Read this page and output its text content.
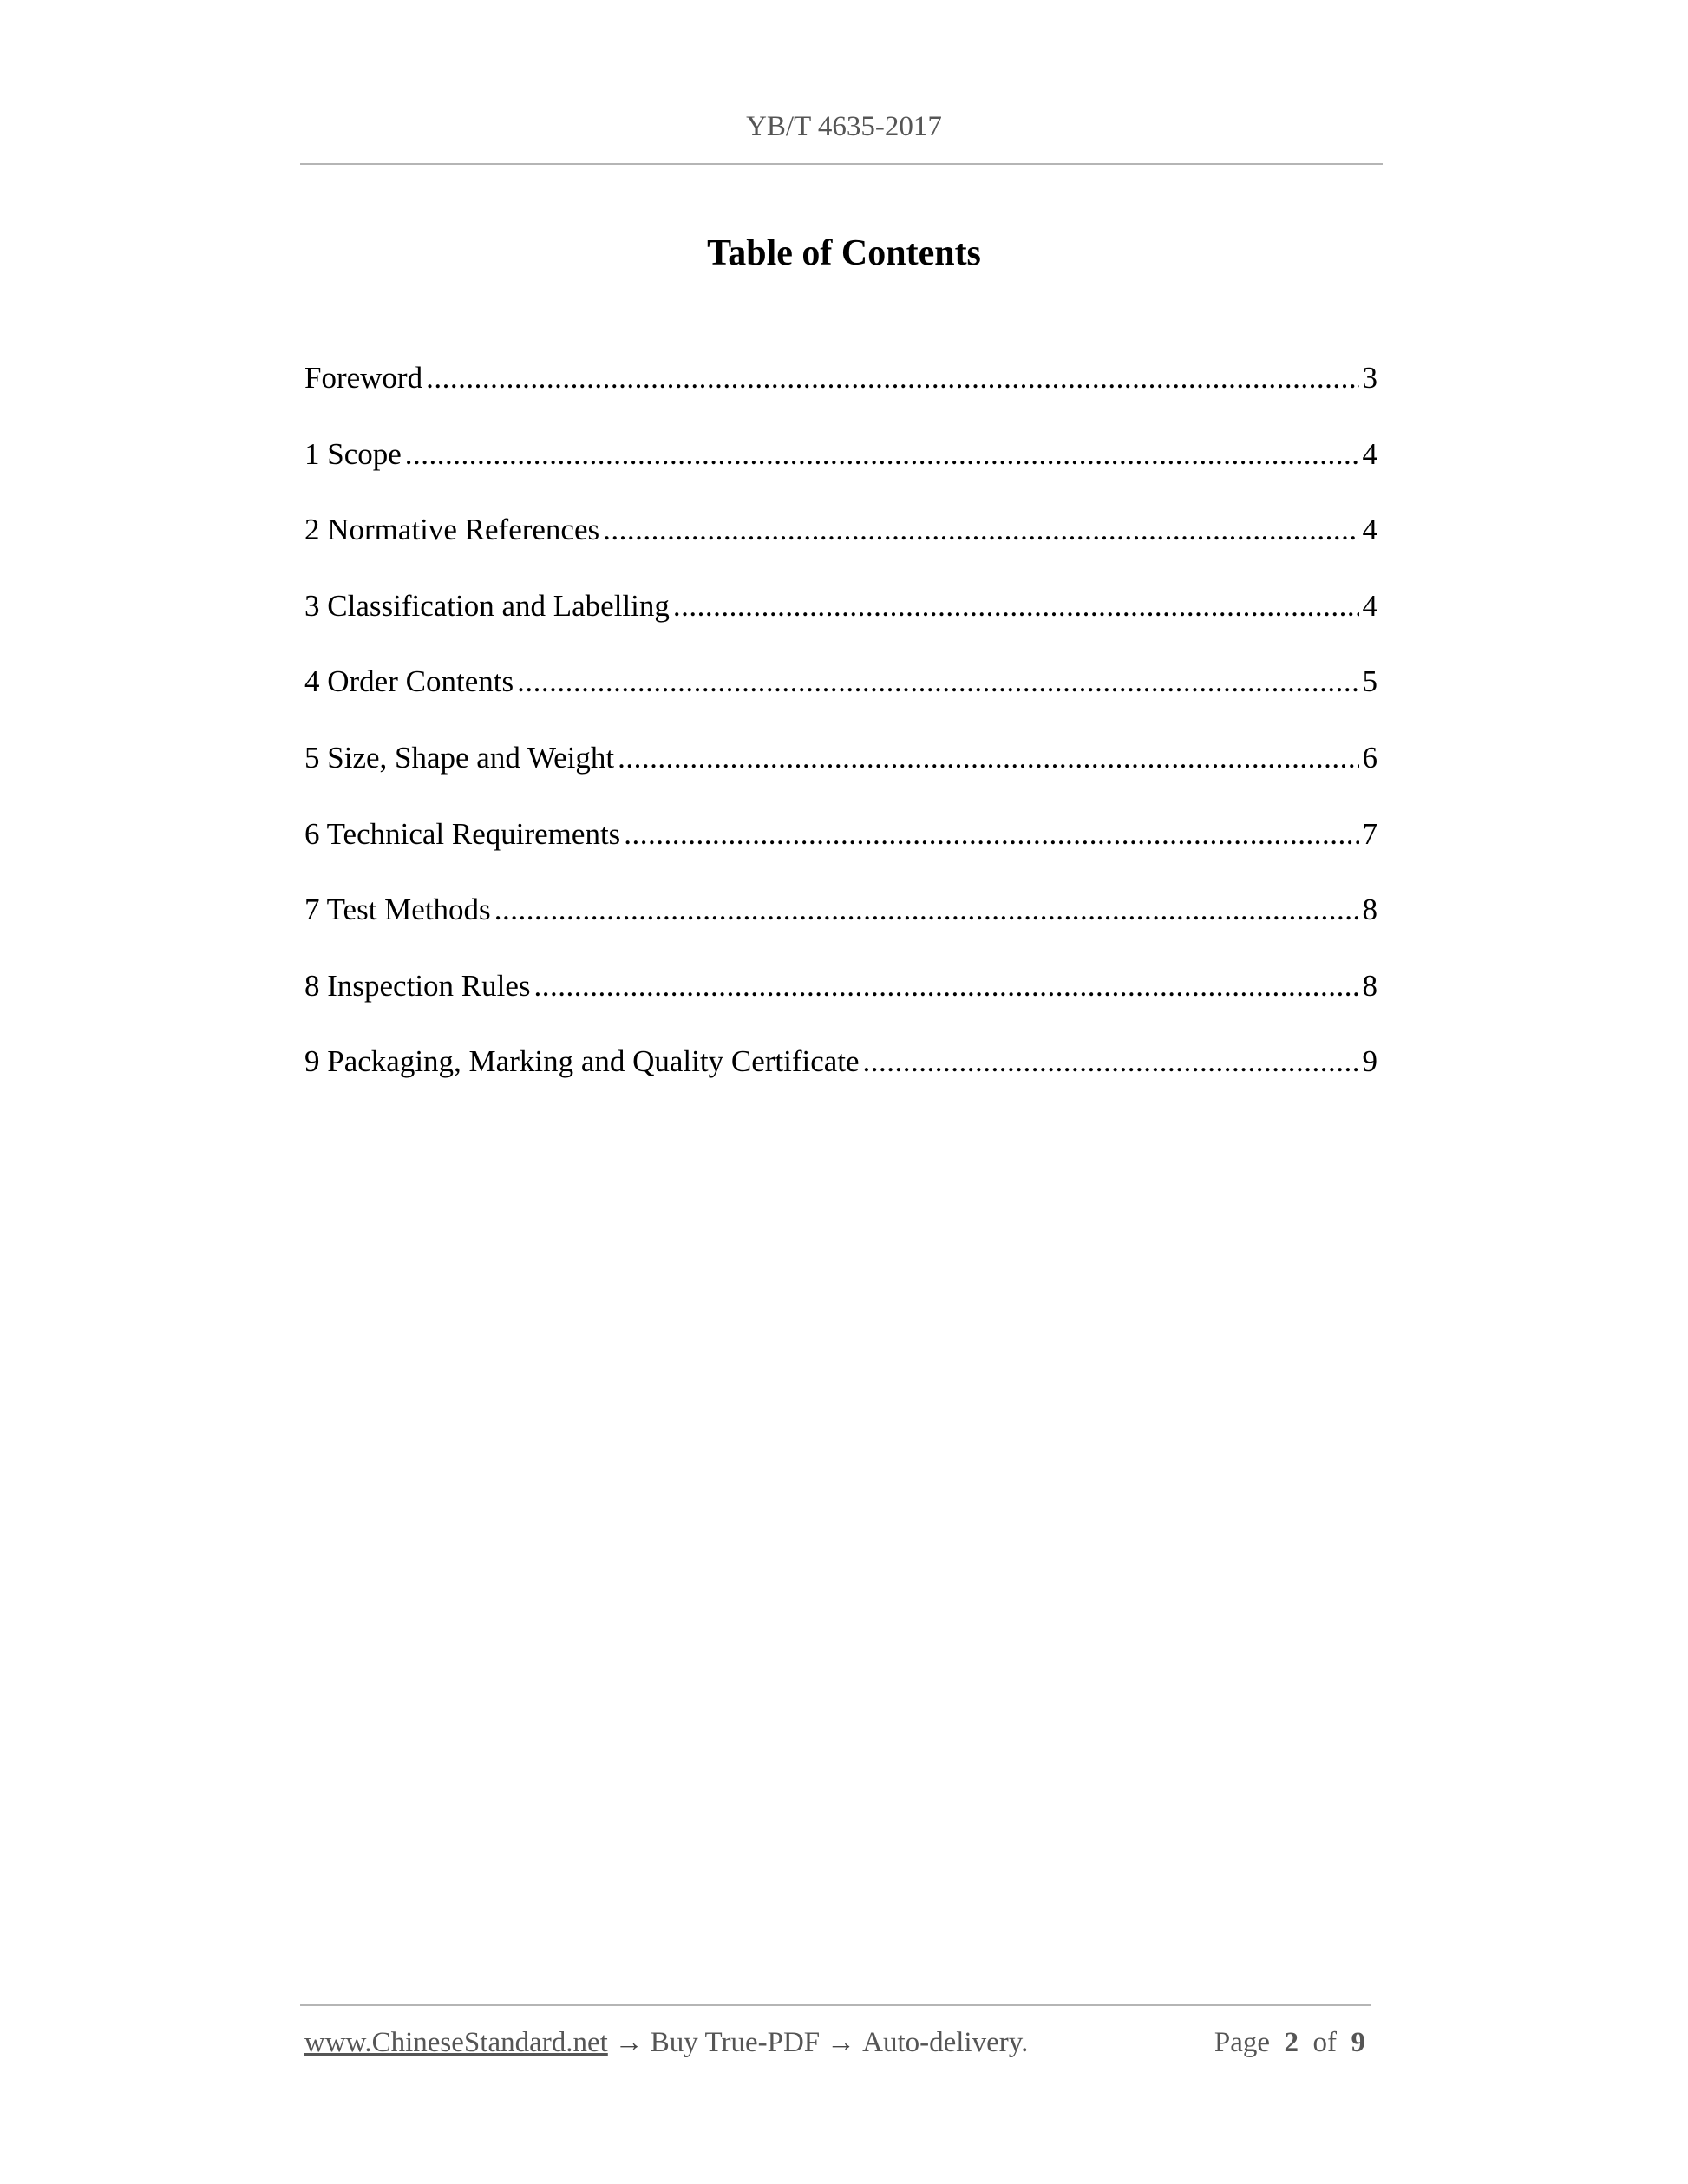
YB/T 4635-2017
Table of Contents
Foreword .....	3
1 Scope .....	4
2 Normative References .....	4
3 Classification and Labelling .....	4
4 Order Contents .....	5
5 Size, Shape and Weight .....	6
6 Technical Requirements .....	7
7 Test Methods .....	8
8 Inspection Rules .....	8
9 Packaging, Marking and Quality Certificate .....	9
www.ChineseStandard.net → Buy True-PDF → Auto-delivery.	Page 2 of 9
